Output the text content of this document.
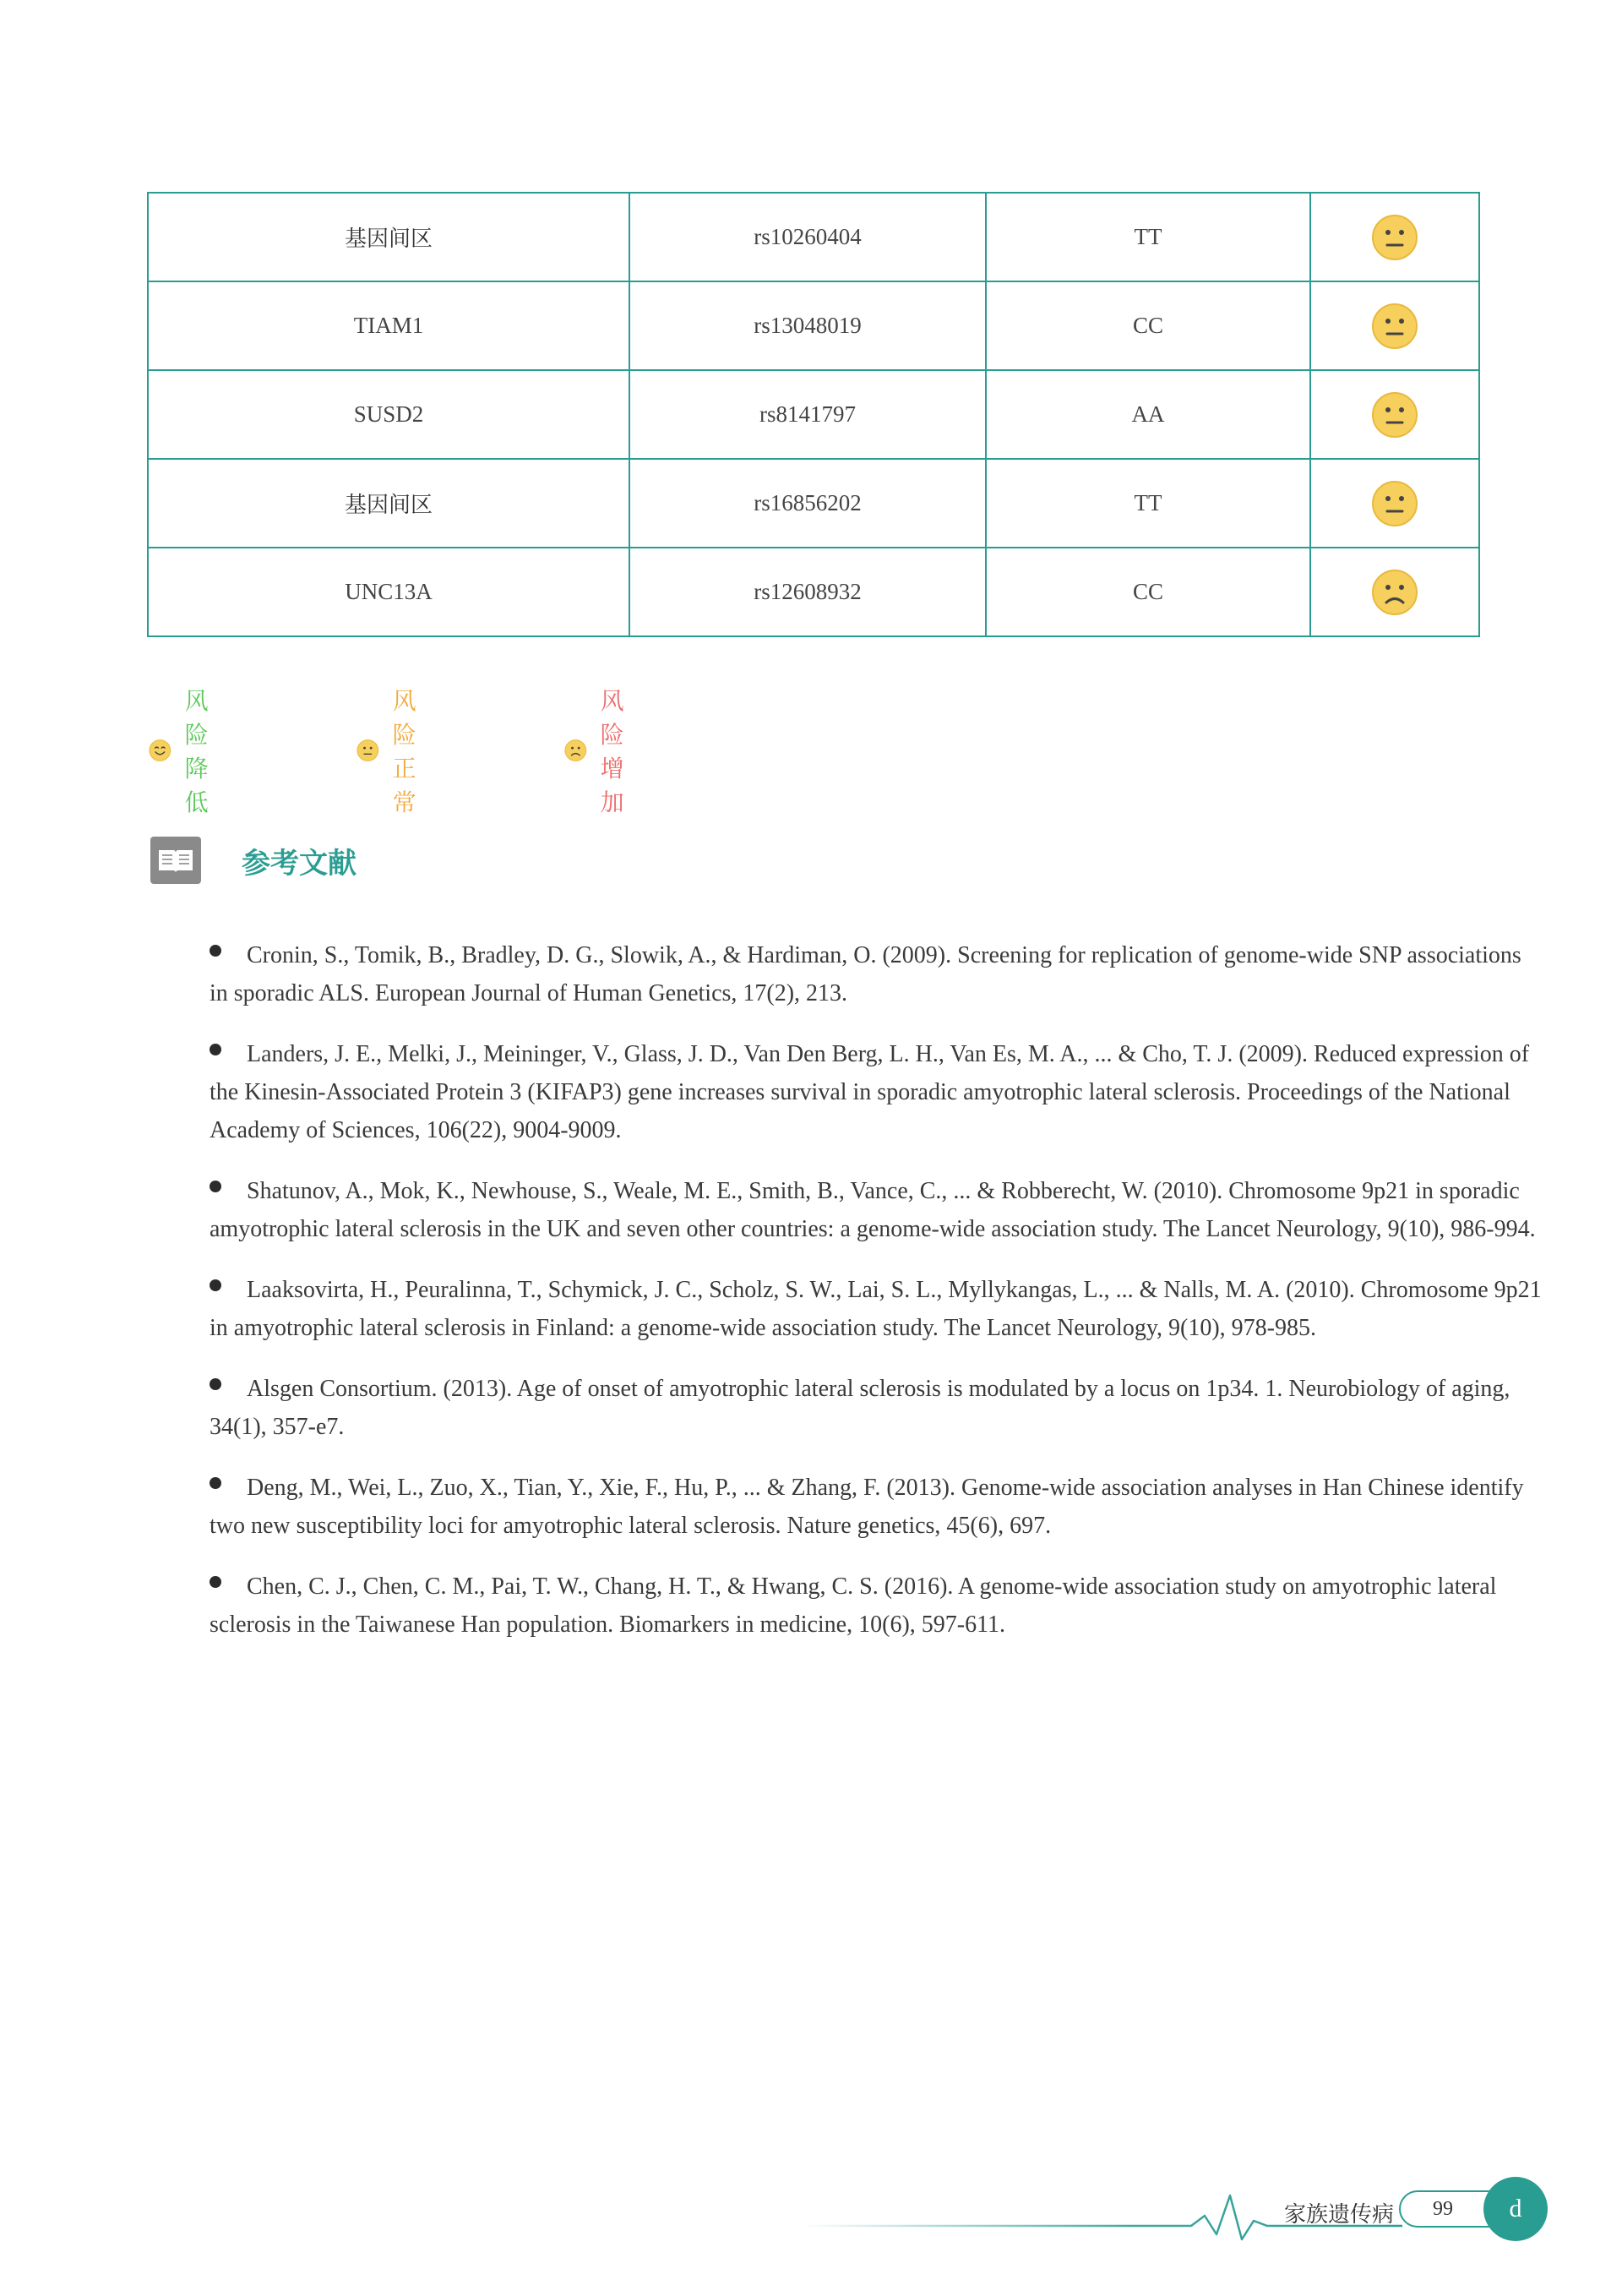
基因间区	rs10260404	TT	

TIAM1	rs13048019	CC	

SUSD2	rs8141797	AA	

基因间区	rs16856202	TT	

UNC13A	rs12608932	CC	
风险降低
风险正常
风险增加
参考文献
Cronin, S., Tomik, B., Bradley, D. G., Slowik, A., & Hardiman, O. (2009). Screening for replication of genome-wide SNP associations in sporadic ALS. European Journal of Human Genetics, 17(2), 213.
Landers, J. E., Melki, J., Meininger, V., Glass, J. D., Van Den Berg, L. H., Van Es, M. A., ... & Cho, T. J. (2009). Reduced expression of the Kinesin-Associated Protein 3 (KIFAP3) gene increases survival in sporadic amyotrophic lateral sclerosis. Proceedings of the National Academy of Sciences, 106(22), 9004-9009.
Shatunov, A., Mok, K., Newhouse, S., Weale, M. E., Smith, B., Vance, C., ... & Robberecht, W. (2010). Chromosome 9p21 in sporadic amyotrophic lateral sclerosis in the UK and seven other countries: a genome-wide association study. The Lancet Neurology, 9(10), 986-994.
Laaksovirta, H., Peuralinna, T., Schymick, J. C., Scholz, S. W., Lai, S. L., Myllykangas, L., ... & Nalls, M. A. (2010). Chromosome 9p21 in amyotrophic lateral sclerosis in Finland: a genome-wide association study. The Lancet Neurology, 9(10), 978-985.
Alsgen Consortium. (2013). Age of onset of amyotrophic lateral sclerosis is modulated by a locus on 1p34. 1. Neurobiology of aging, 34(1), 357-e7.
Deng, M., Wei, L., Zuo, X., Tian, Y., Xie, F., Hu, P., ... & Zhang, F. (2013). Genome-wide association analyses in Han Chinese identify two new susceptibility loci for amyotrophic lateral sclerosis. Nature genetics, 45(6), 697.
Chen, C. J., Chen, C. M., Pai, T. W., Chang, H. T., & Hwang, C. S. (2016). A genome-wide association study on amyotrophic lateral sclerosis in the Taiwanese Han population. Biomarkers in medicine, 10(6), 597-611.
家族遗传病 99	d
